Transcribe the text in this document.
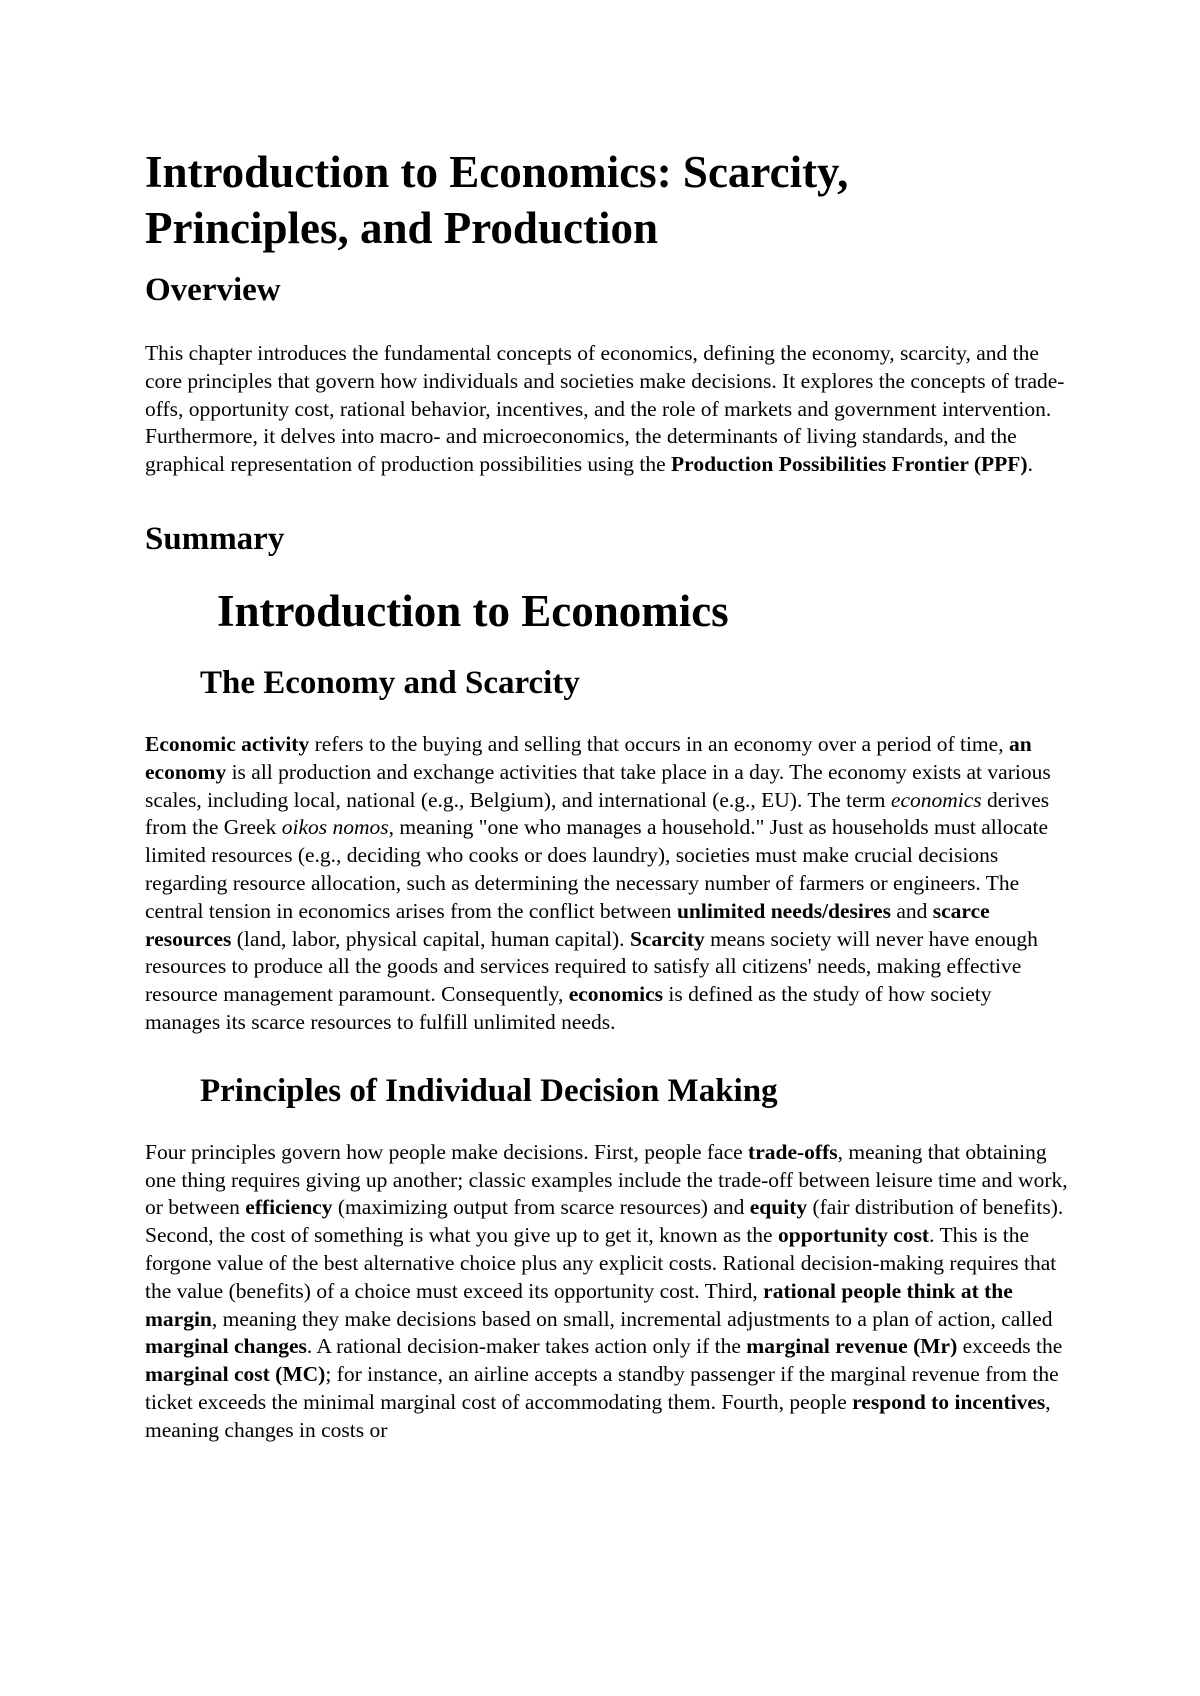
Introduction to Economics: Scarcity, Principles, and Production
Overview

This chapter introduces the fundamental concepts of economics, defining the economy, scarcity, and the core principles that govern how individuals and societies make decisions. It explores the concepts of trade-offs, opportunity cost, rational behavior, incentives, and the role of markets and government intervention. Furthermore, it delves into macro- and microeconomics, the determinants of living standards, and the graphical representation of production possibilities using the Production Possibilities Frontier (PPF).

Summary
Introduction to Economics
The Economy and Scarcity

Economic activity refers to the buying and selling that occurs in an economy over a period of time, an economy is all production and exchange activities that take place in a day. The economy exists at various scales, including local, national (e.g., Belgium), and international (e.g., EU). The term economics derives from the Greek oikos nomos, meaning "one who manages a household." Just as households must allocate limited resources (e.g., deciding who cooks or does laundry), societies must make crucial decisions regarding resource allocation, such as determining the necessary number of farmers or engineers. The central tension in economics arises from the conflict between unlimited needs/desires and scarce resources (land, labor, physical capital, human capital). Scarcity means society will never have enough resources to produce all the goods and services required to satisfy all citizens' needs, making effective resource management paramount. Consequently, economics is defined as the study of how society manages its scarce resources to fulfill unlimited needs.

Principles of Individual Decision Making

Four principles govern how people make decisions. First, people face trade-offs, meaning that obtaining one thing requires giving up another; classic examples include the trade-off between leisure time and work, or between efficiency (maximizing output from scarce resources) and equity (fair distribution of benefits). Second, the cost of something is what you give up to get it, known as the opportunity cost. This is the forgone value of the best alternative choice plus any explicit costs. Rational decision-making requires that the value (benefits) of a choice must exceed its opportunity cost. Third, rational people think at the margin, meaning they make decisions based on small, incremental adjustments to a plan of action, called marginal changes. A rational decision-maker takes action only if the marginal revenue (Mr) exceeds the marginal cost (MC); for instance, an airline accepts a standby passenger if the marginal revenue from the ticket exceeds the minimal marginal cost of accommodating them. Fourth, people respond to incentives, meaning changes in costs or
